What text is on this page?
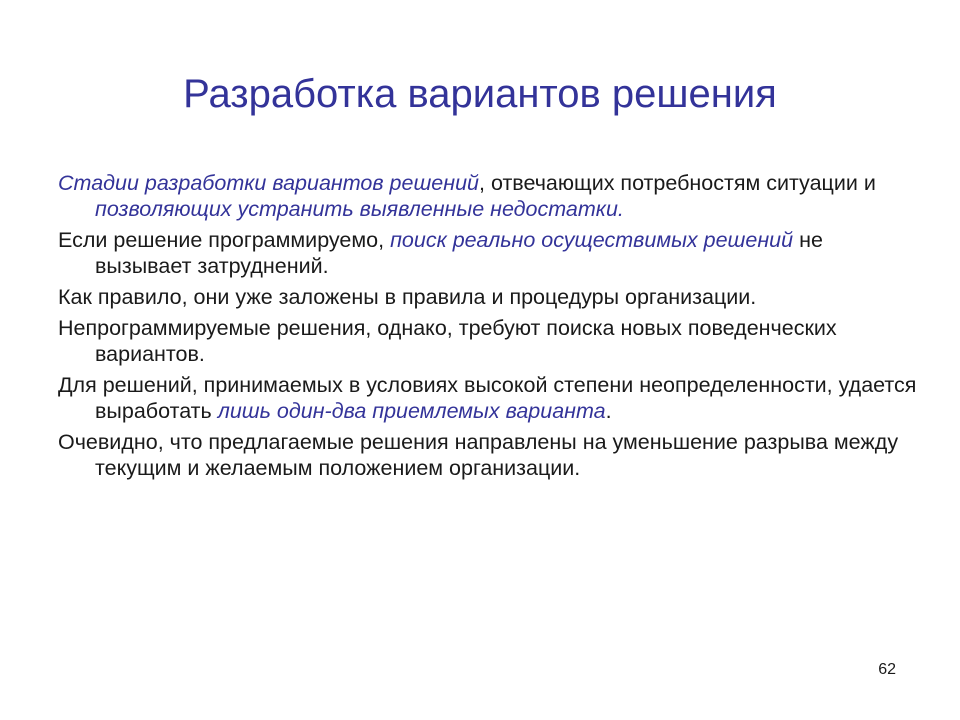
Разработка вариантов решения

Стадии разработки вариантов решений, отвечающих потребностям ситуации и позволяющих устранить выявленные недостатки.

Если решение программируемо, поиск реально осуществимых решений не вызывает затруднений.

Как правило, они уже заложены в правила и процедуры организации.

Непрограммируемые решения, однако, требуют поиска новых поведенческих вариантов.

Для решений, принимаемых в условиях высокой степени неопределенности, удается выработать лишь один-два приемлемых варианта.

Очевидно, что предлагаемые решения направлены на уменьшение разрыва между текущим и желаемым положением организации.

62
